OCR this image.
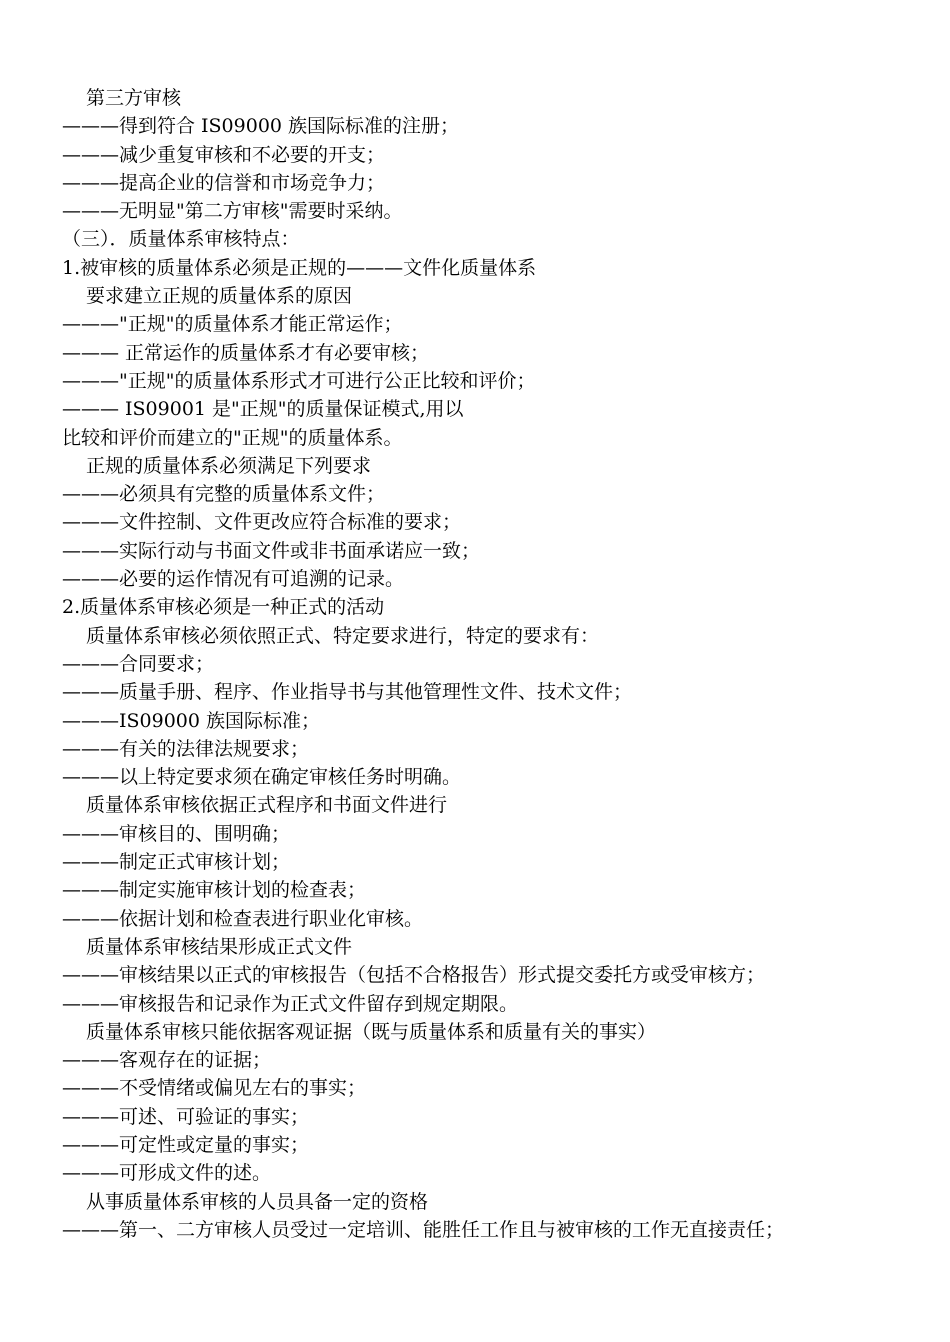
第三方审核
———得到符合 IS09000 族国际标准的注册；
———减少重复审核和不必要的开支；
———提高企业的信誉和市场竞争力；
———无明显"第二方审核"需要时采纳。
（三）．质量体系审核特点：
1.被审核的质量体系必须是正规的———文件化质量体系
要求建立正规的质量体系的原因
———"正规"的质量体系才能正常运作；
——— 正常运作的质量体系才有必要审核；
———"正规"的质量体系形式才可进行公正比较和评价；
——— IS09001 是"正规"的质量保证模式,用以
比较和评价而建立的"正规"的质量体系。
正规的质量体系必须满足下列要求
———必须具有完整的质量体系文件；
———文件控制、文件更改应符合标准的要求；
———实际行动与书面文件或非书面承诺应一致；
———必要的运作情况有可追溯的记录。
2.质量体系审核必须是一种正式的活动
质量体系审核必须依照正式、特定要求进行，特定的要求有：
———合同要求；
———质量手册、程序、作业指导书与其他管理性文件、技术文件；
———IS09000 族国际标准；
———有关的法律法规要求；
———以上特定要求须在确定审核任务时明确。
质量体系审核依据正式程序和书面文件进行
———审核目的、围明确；
———制定正式审核计划；
———制定实施审核计划的检查表；
———依据计划和检查表进行职业化审核。
质量体系审核结果形成正式文件
———审核结果以正式的审核报告（包括不合格报告）形式提交委托方或受审核方；
———审核报告和记录作为正式文件留存到规定期限。
质量体系审核只能依据客观证据（既与质量体系和质量有关的事实）
———客观存在的证据；
———不受情绪或偏见左右的事实；
———可述、可验证的事实；
———可定性或定量的事实；
———可形成文件的述。
从事质量体系审核的人员具备一定的资格
———第一、二方审核人员受过一定培训、能胜任工作且与被审核的工作无直接责任；
